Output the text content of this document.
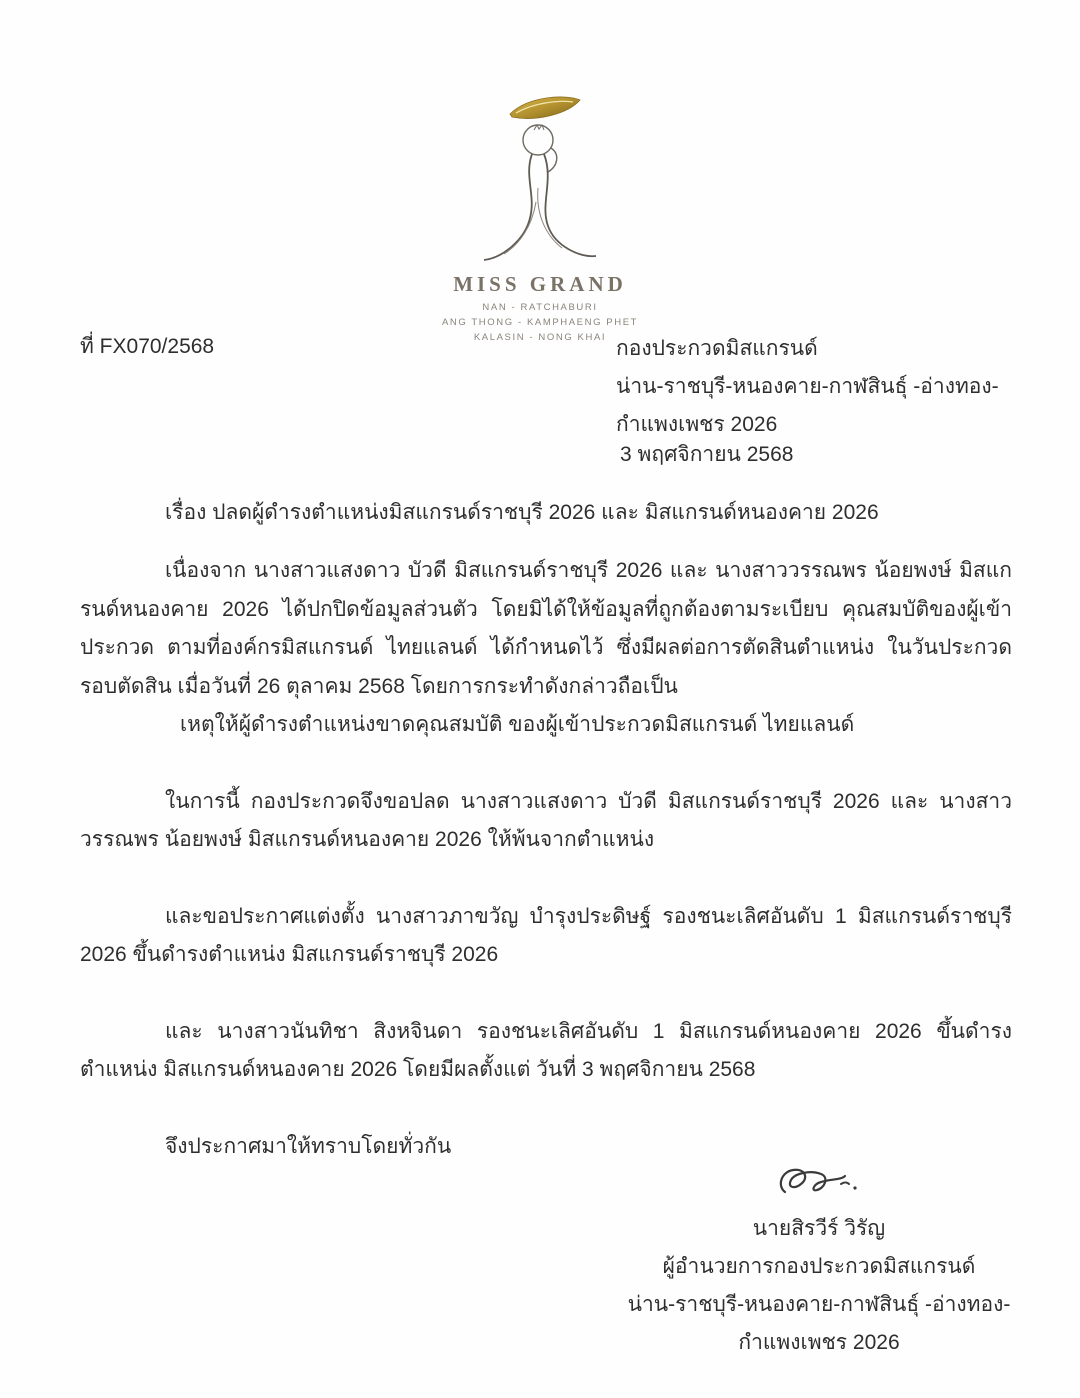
MISS GRAND
NAN - RATCHABURI
ANG THONG - KAMPHAENG PHET
KALASIN - NONG KHAI
ที่ FX070/2568	กองประกวดมิสแกรนด์
น่าน-ราชบุรี-หนองคาย-กาฬสินธุ์ -อ่างทอง-กำแพงเพชร 2026
3 พฤศจิกายน 2568
เรื่อง ปลดผู้ดำรงตำแหน่งมิสแกรนด์ราชบุรี 2026 และ มิสแกรนด์หนองคาย 2026

เนื่องจาก นางสาวแสงดาว บัวดี มิสแกรนด์ราชบุรี 2026 และ นางสาววรรณพร น้อยพงษ์ มิสแกรนด์หนองคาย 2026 ได้ปกปิดข้อมูลส่วนตัว โดยมิได้ให้ข้อมูลที่ถูกต้องตามระเบียบ คุณสมบัติของผู้เข้าประกวด ตามที่องค์กรมิสแกรนด์ ไทยแลนด์ ได้กำหนดไว้ ซึ่งมีผลต่อการตัดสินตำแหน่ง ในวันประกวดรอบตัดสิน เมื่อวันที่ 26 ตุลาคม 2568 โดยการกระทำดังกล่าวถือเป็น

เหตุให้ผู้ดำรงตำแหน่งขาดคุณสมบัติ ของผู้เข้าประกวดมิสแกรนด์ ไทยแลนด์

ในการนี้ กองประกวดจึงขอปลด นางสาวแสงดาว บัวดี มิสแกรนด์ราชบุรี 2026 และ นางสาววรรณพร น้อยพงษ์ มิสแกรนด์หนองคาย 2026 ให้พ้นจากตำแหน่ง

และขอประกาศแต่งตั้ง นางสาวภาขวัญ บำรุงประดิษฐ์ รองชนะเลิศอันดับ 1 มิสแกรนด์ราชบุรี 2026 ขึ้นดำรงตำแหน่ง มิสแกรนด์ราชบุรี 2026

และ นางสาวนันทิชา สิงหจินดา รองชนะเลิศอันดับ 1 มิสแกรนด์หนองคาย 2026 ขึ้นดำรงตำแหน่ง มิสแกรนด์หนองคาย 2026 โดยมีผลตั้งแต่ วันที่ 3 พฤศจิกายน 2568

จึงประกาศมาให้ทราบโดยทั่วกัน

นายสิรวีร์ วิรัญ
ผู้อำนวยการกองประกวดมิสแกรนด์
น่าน-ราชบุรี-หนองคาย-กาฬสินธุ์ -อ่างทอง-กำแพงเพชร 2026
